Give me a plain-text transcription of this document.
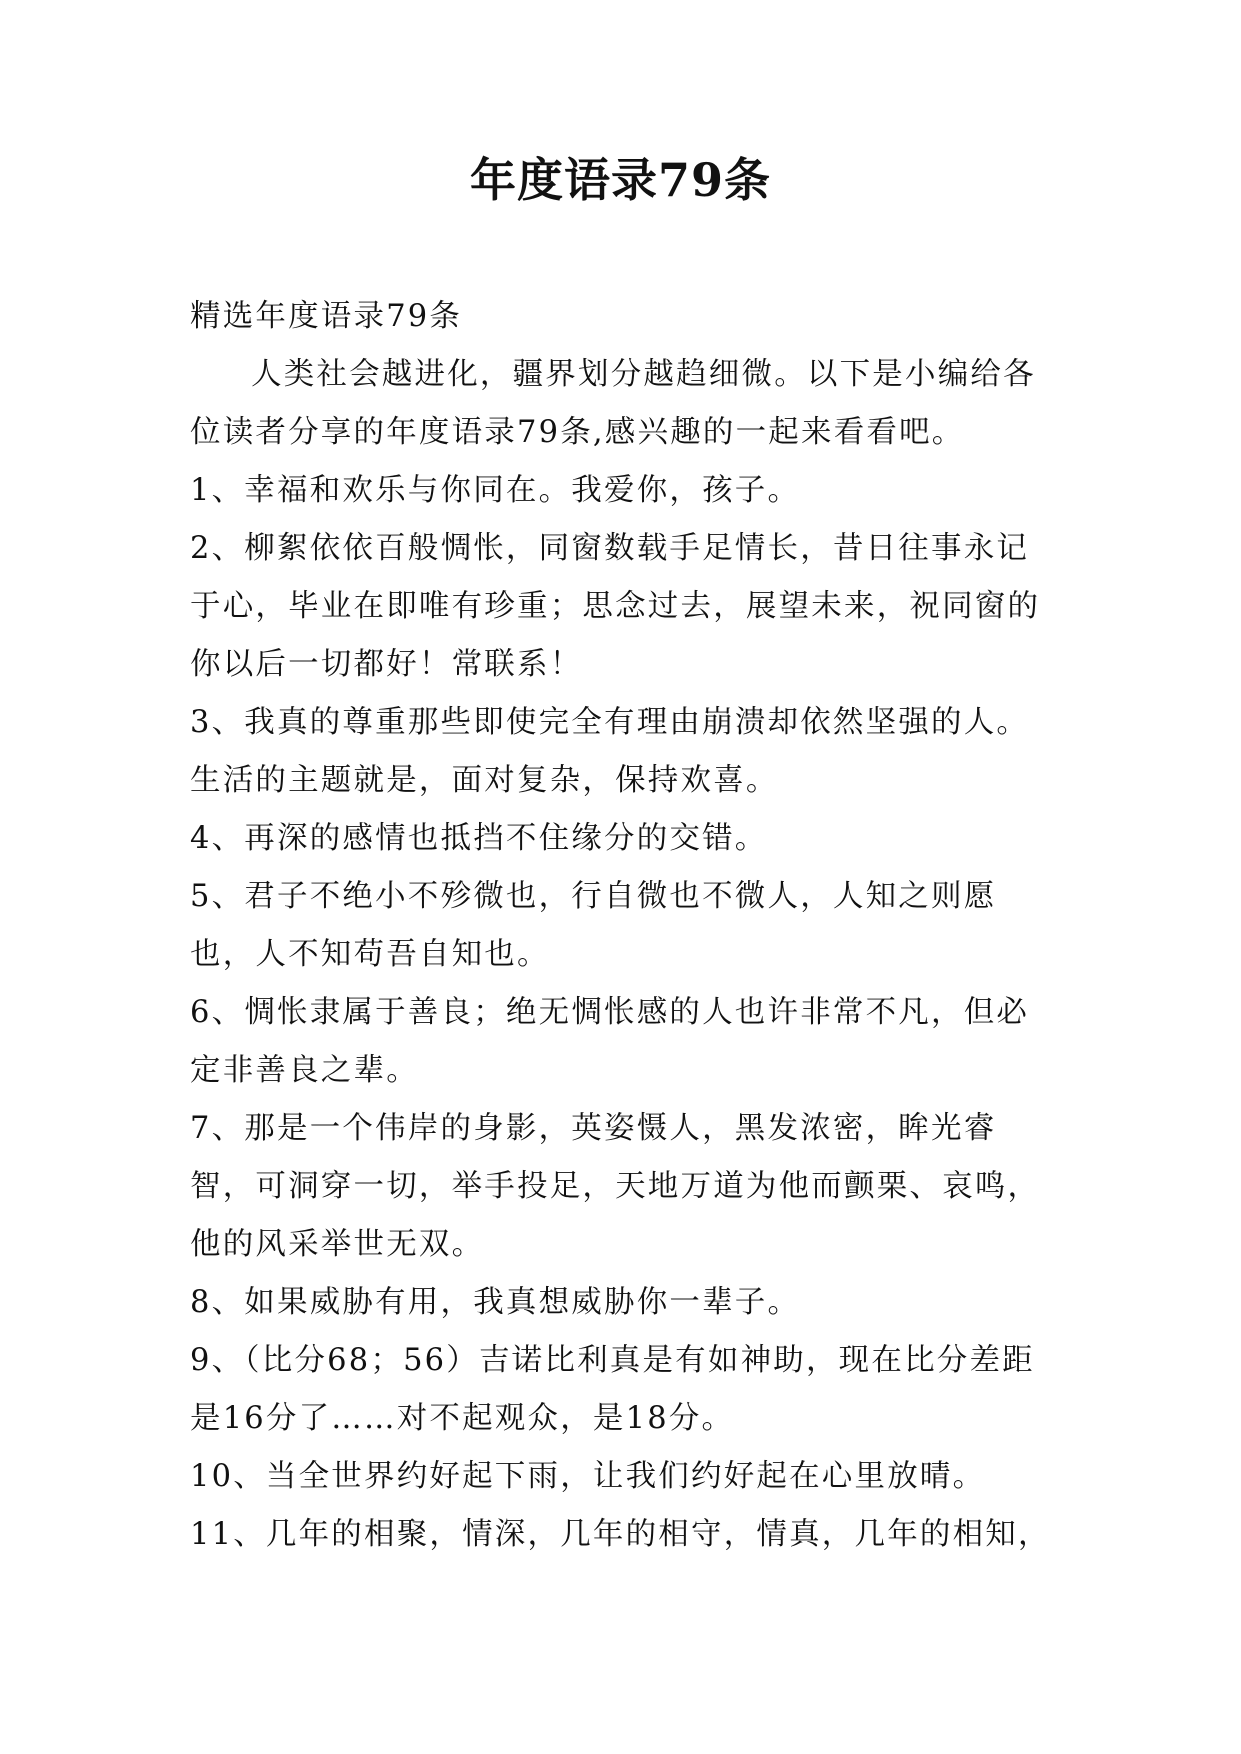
年度语录79条

精选年度语录79条

人类社会越进化，疆界划分越趋细微。以下是小编给各位读者分享的年度语录79条,感兴趣的一起来看看吧。

1、幸福和欢乐与你同在。我爱你，孩子。

2、柳絮依依百般惆怅，同窗数载手足情长，昔日往事永记于心，毕业在即唯有珍重；思念过去，展望未来，祝同窗的你以后一切都好！常联系！

3、我真的尊重那些即使完全有理由崩溃却依然坚强的人。生活的主题就是，面对复杂，保持欢喜。

4、再深的感情也抵挡不住缘分的交错。

5、君子不绝小不殄微也，行自微也不微人，人知之则愿也，人不知苟吾自知也。

6、惆怅隶属于善良；绝无惆怅感的人也许非常不凡，但必定非善良之辈。

7、那是一个伟岸的身影，英姿慑人，黑发浓密，眸光睿智，可洞穿一切，举手投足，天地万道为他而颤栗、哀鸣，他的风采举世无双。

8、如果威胁有用，我真想威胁你一辈子。

9、（比分68；56）吉诺比利真是有如神助，现在比分差距是16分了……对不起观众，是18分。

10、当全世界约好起下雨，让我们约好起在心里放晴。

11、几年的相聚，情深，几年的相守，情真，几年的相知，
